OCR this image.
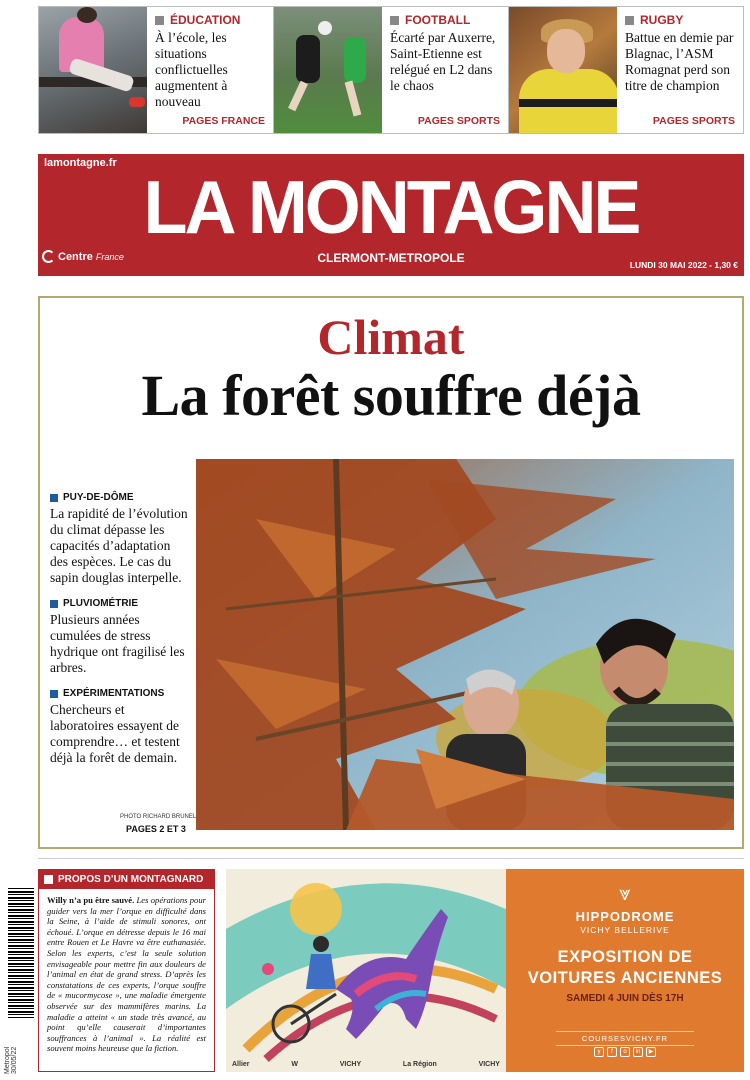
ÉDUCATION
À l’école, les situations conflictuelles augmentent à nouveau
PAGES FRANCE
FOOTBALL
Écarté par Auxerre, Saint-Etienne est relégué en L2 dans le chaos
PAGES SPORTS
RUGBY
Battue en demie par Blagnac, l’ASM Romagnat perd son titre de champion
PAGES SPORTS
lamontagne.fr
LA MONTAGNE
Centre France	CLERMONT-METROPOLE	LUNDI 30 MAI 2022 - 1,30 €
Climat
La forêt souffre déjà
PUY-DE-DÔME
La rapidité de l’évolution du climat dépasse les capacités d’adaptation des espèces. Le cas du sapin douglas interpelle.
PLUVIOMÉTRIE
Plusieurs années cumulées de stress hydrique ont fragilisé les arbres.
EXPÉRIMENTATIONS
Chercheurs et laboratoires essayent de comprendre… et testent déjà la forêt de demain.
PHOTO RICHARD BRUNEL
PAGES 2 ET 3
Metropol 30/05/22
PROPOS D’UN MONTAGNARD
Willy n’a pu être sauvé. Les opérations pour guider vers la mer l’orque en difficulté dans la Seine, à l’aide de stimuli sonores, ont échoué. L’orque en détresse depuis le 16 mai entre Rouen et Le Havre va être euthanasiée. Selon les experts, c’est la seule solution envisageable pour mettre fin aux douleurs de l’animal en état de grand stress. D’après les constatations de ces experts, l’orque souffre de « mucormycose », une maladie émergente observée sur des mammifères marins. La maladie a atteint « un stade très avancé, au point qu’elle causerait d’importantes souffrances à l’animal ». La réalité est souvent moins heureuse que la fiction.
Allier	W	VICHY	La Région	VICHY
⩔
HIPPODROME
VICHY BELLERIVE
EXPOSITION DE
VOITURES ANCIENNES
SAMEDI 4 JUIN DÈS 17H
COURSESVICHY.FR
y	f	o	in	▶
